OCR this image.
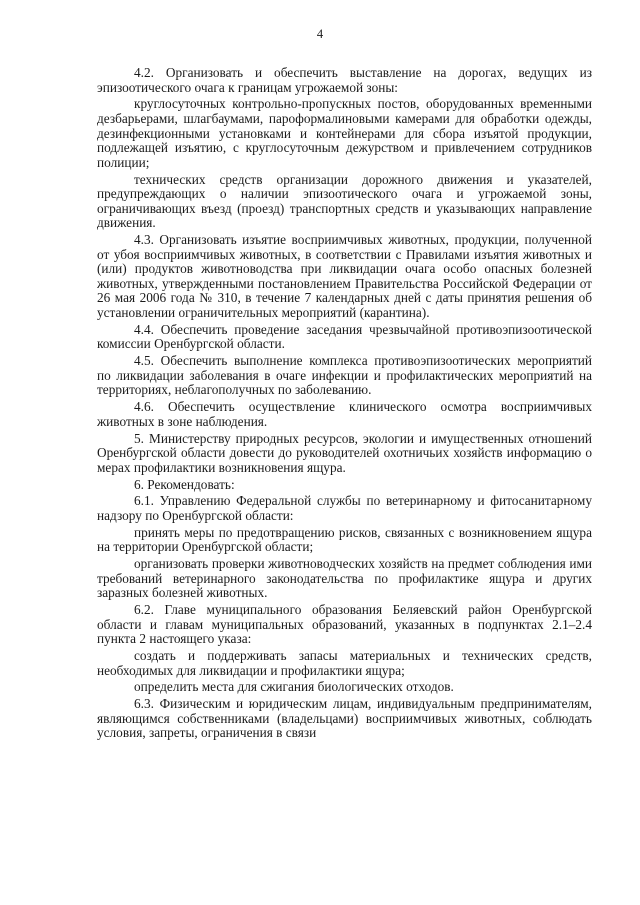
4

4.2. Организовать и обеспечить выставление на дорогах, ведущих из эпизоотического очага к границам угрожаемой зоны:

круглосуточных контрольно-пропускных постов, оборудованных временными дезбарьерами, шлагбаумами, пароформалиновыми камерами для обработки одежды, дезинфекционными установками и контейнерами для сбора изъятой продукции, подлежащей изъятию, с круглосуточным дежурством и привлечением сотрудников полиции;

технических средств организации дорожного движения и указателей, предупреждающих о наличии эпизоотического очага и угрожаемой зоны, ограничивающих въезд (проезд) транспортных средств и указывающих направление движения.

4.3. Организовать изъятие восприимчивых животных, продукции, полученной от убоя восприимчивых животных, в соответствии с Правилами изъятия животных и (или) продуктов животноводства при ликвидации очага особо опасных болезней животных, утвержденными постановлением Правительства Российской Федерации от 26 мая 2006 года № 310, в течение 7 календарных дней с даты принятия решения об установлении ограничительных мероприятий (карантина).

4.4. Обеспечить проведение заседания чрезвычайной противоэпизоотической комиссии Оренбургской области.

4.5. Обеспечить выполнение комплекса противоэпизоотических мероприятий по ликвидации заболевания в очаге инфекции и профилактических мероприятий на территориях, неблагополучных по заболеванию.

4.6. Обеспечить осуществление клинического осмотра восприимчивых животных в зоне наблюдения.

5. Министерству природных ресурсов, экологии и имущественных отношений Оренбургской области довести до руководителей охотничьих хозяйств информацию о мерах профилактики возникновения ящура.

6. Рекомендовать:

6.1. Управлению Федеральной службы по ветеринарному и фитосанитарному надзору по Оренбургской области:

принять меры по предотвращению рисков, связанных с возникновением ящура на территории Оренбургской области;

организовать проверки животноводческих хозяйств на предмет соблюдения ими требований ветеринарного законодательства по профилактике ящура и других заразных болезней животных.

6.2. Главе муниципального образования Беляевский район Оренбургской области и главам муниципальных образований, указанных в подпунктах 2.1–2.4 пункта 2 настоящего указа:

создать и поддерживать запасы материальных и технических средств, необходимых для ликвидации и профилактики ящура;

определить места для сжигания биологических отходов.

6.3. Физическим и юридическим лицам, индивидуальным предпринимателям, являющимся собственниками (владельцами) восприимчивых животных, соблюдать условия, запреты, ограничения в связи
